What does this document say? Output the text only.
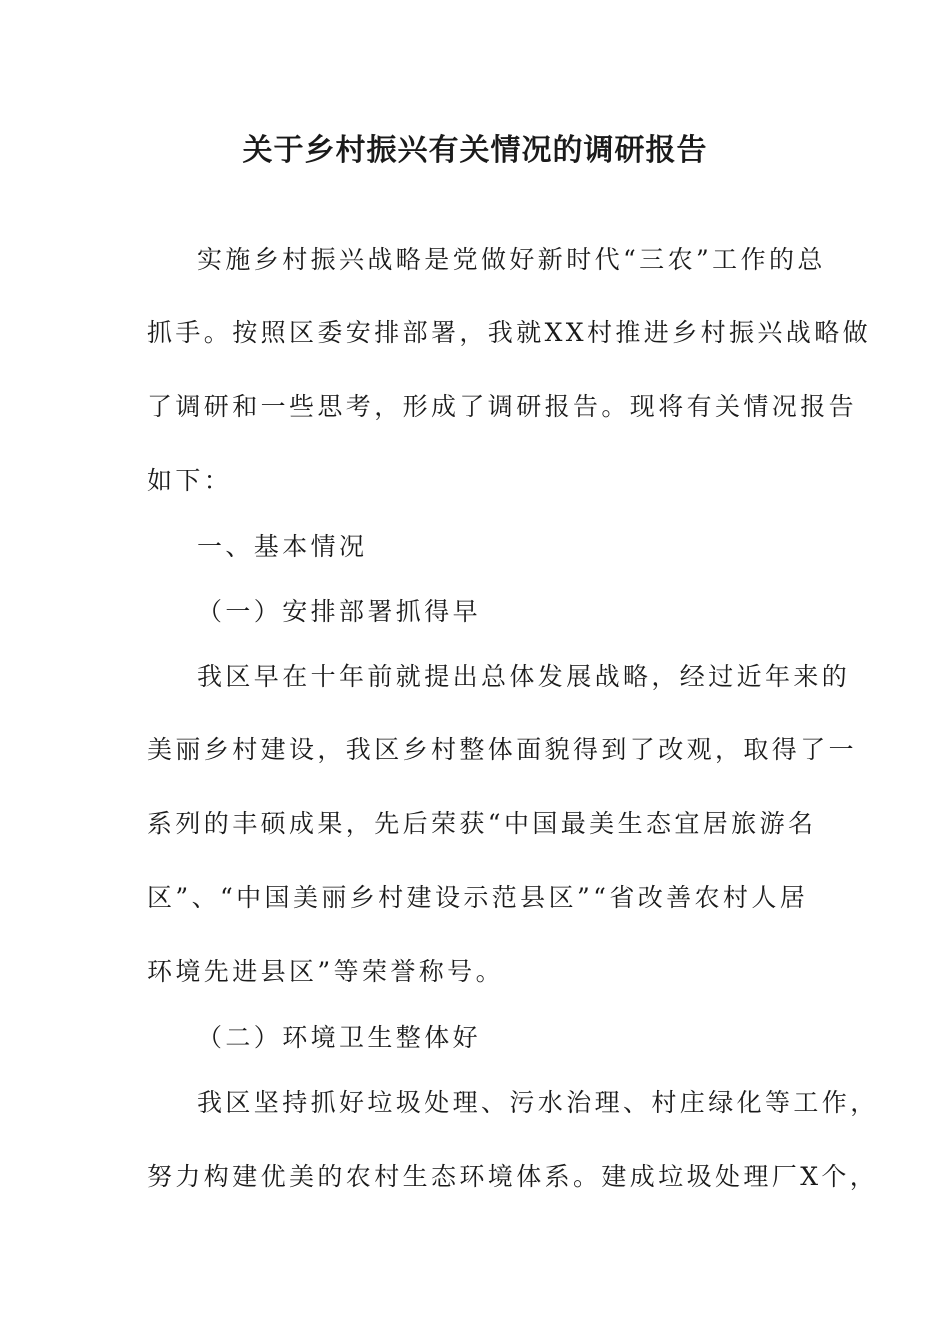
关于乡村振兴有关情况的调研报告
实施乡村振兴战略是党做好新时代“三农”工作的总
抓手。按照区委安排部署，我就XX村推进乡村振兴战略做
了调研和一些思考，形成了调研报告。现将有关情况报告
如下：
一、基本情况
（一）安排部署抓得早
我区早在十年前就提出总体发展战略，经过近年来的
美丽乡村建设，我区乡村整体面貌得到了改观，取得了一
系列的丰硕成果，先后荣获“中国最美生态宜居旅游名
区”、“中国美丽乡村建设示范县区”“省改善农村人居
环境先进县区”等荣誉称号。
（二）环境卫生整体好
我区坚持抓好垃圾处理、污水治理、村庄绿化等工作，
努力构建优美的农村生态环境体系。建成垃圾处理厂X个，
